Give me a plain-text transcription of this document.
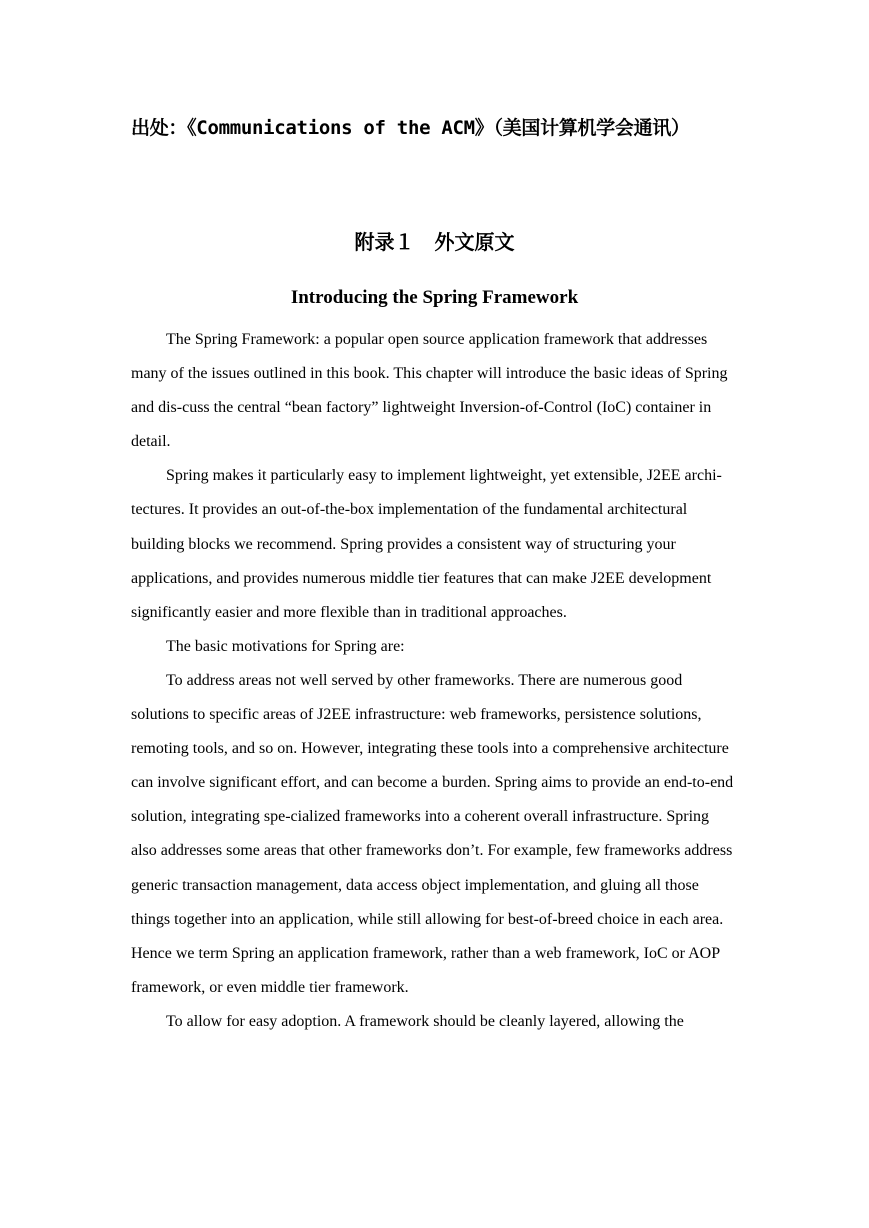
出处：《Communications of the ACM》（美国计算机学会通讯）
附录１　外文原文
Introducing the Spring Framework

The Spring Framework: a popular open source application framework that addresses many of the issues outlined in this book. This chapter will introduce the basic ideas of Spring and dis-cuss the central “bean factory” lightweight Inversion-of-Control (IoC) container in detail.

Spring makes it particularly easy to implement lightweight, yet extensible, J2EE archi-tectures. It provides an out-of-the-box implementation of the fundamental architectural building blocks we recommend. Spring provides a consistent way of structuring your applications, and provides numerous middle tier features that can make J2EE development significantly easier and more flexible than in traditional approaches.

The basic motivations for Spring are:

To address areas not well served by other frameworks. There are numerous good solutions to specific areas of J2EE infrastructure: web frameworks, persistence solutions, remoting tools, and so on. However, integrating these tools into a comprehensive architecture can involve significant effort, and can become a burden. Spring aims to provide an end-to-end solution, integrating spe-cialized frameworks into a coherent overall infrastructure. Spring also addresses some areas that other frameworks don’t. For example, few frameworks address generic transaction management, data access object implementation, and gluing all those things together into an application, while still allowing for best-of-breed choice in each area. Hence we term Spring an application framework, rather than a web framework, IoC or AOP framework, or even middle tier framework.

To allow for easy adoption. A framework should be cleanly layered, allowing the
